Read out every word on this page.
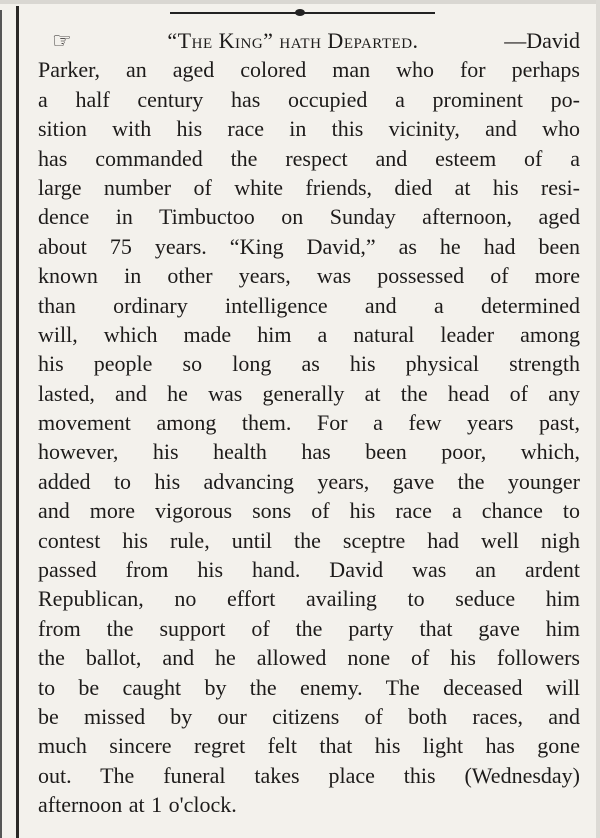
☞	“The King” hath Departed.	—David
Parker, an aged colored man who for perhaps
a half century has occupied a prominent po-
sition with his race in this vicinity, and who
has commanded the respect and esteem of a
large number of white friends, died at his resi-
dence in Timbuctoo on Sunday afternoon, aged
about 75 years. “King David,” as he had been
known in other years, was possessed of more
than ordinary intelligence and a determined
will, which made him a natural leader among
his people so long as his physical strength
lasted, and he was generally at the head of any
movement among them. For a few years past,
however, his health has been poor, which,
added to his advancing years, gave the younger
and more vigorous sons of his race a chance to
contest his rule, until the sceptre had well nigh
passed from his hand. David was an ardent
Republican, no effort availing to seduce him
from the support of the party that gave him
the ballot, and he allowed none of his followers
to be caught by the enemy. The deceased will
be missed by our citizens of both races, and
much sincere regret felt that his light has gone
out. The funeral takes place this (Wednesday)
afternoon at 1 o'clock.
